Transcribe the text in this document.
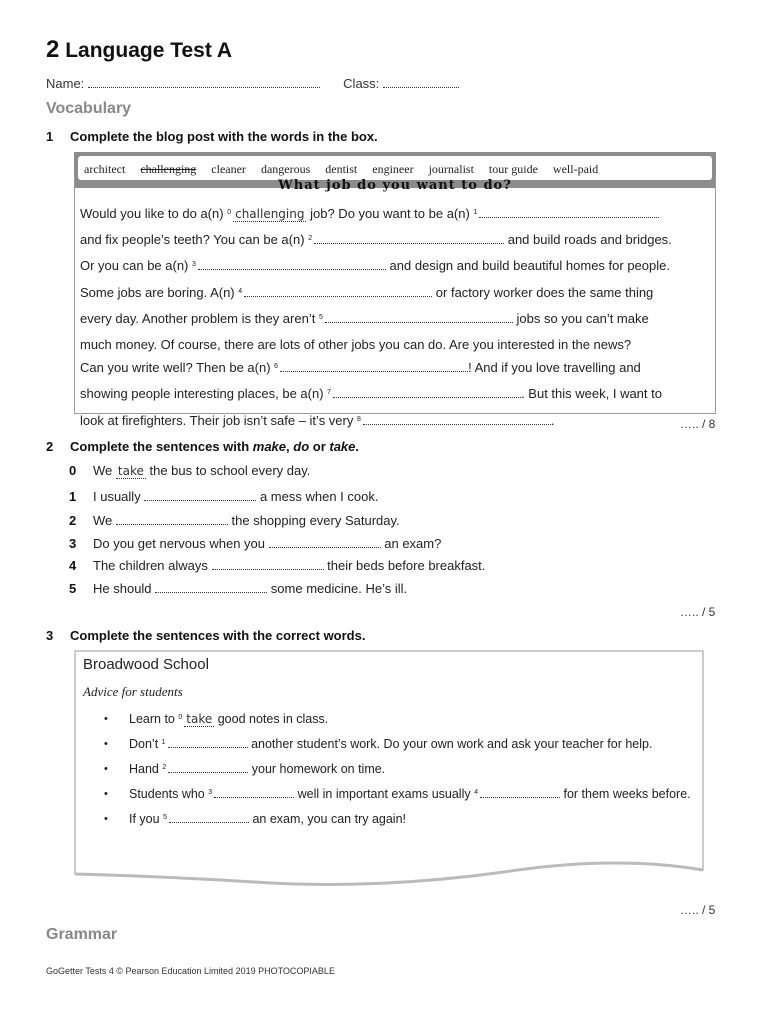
2 Language Test A
Name:	Class:
Vocabulary
1 Complete the blog post with the words in the box.
architect challenging cleaner dangerous dentist engineer journalist tour guide well-paid
What job do you want to do?
Would you like to do a(n) $^0$ challenging job? Do you want to be a(n) $^1$
and fix people’s teeth? You can be a(n) $^2$	and build roads and bridges.
Or you can be a(n) $^3$	and design and build beautiful homes for people.
Some jobs are boring. A(n) $^4$	or factory worker does the same thing
every day. Another problem is they aren’t $^5$	jobs so you can’t make
much money. Of course, there are lots of other jobs you can do. Are you interested in the news?
Can you write well? Then be a(n) $^6$	! And if you love travelling and
showing people interesting places, be a(n) $^7$	. But this week, I want to
look at firefighters. Their job isn’t safe – it’s very $^8$	.	….. / 8
2 Complete the sentences with make, do or take.
0 We take the bus to school every day.
1 I usually	a mess when I cook.
2 We	the shopping every Saturday.
3 Do you get nervous when you	an exam?
4 The children always	their beds before breakfast.
5 He should	some medicine. He’s ill.
….. / 5
3 Complete the sentences with the correct words.
Broadwood School
Advice for students
• Learn to $^0$ take good notes in class.
• Don’t $^1$	another student’s work. Do your own work and ask your teacher for help.
• Hand $^2$	your homework on time.
• Students who $^3$	well in important exams usually $^4$	for them weeks before.
• If you $^5$	an exam, you can try again!
….. / 5
Grammar
GoGetter Tests 4 © Pearson Education Limited 2019 PHOTOCOPIABLE
